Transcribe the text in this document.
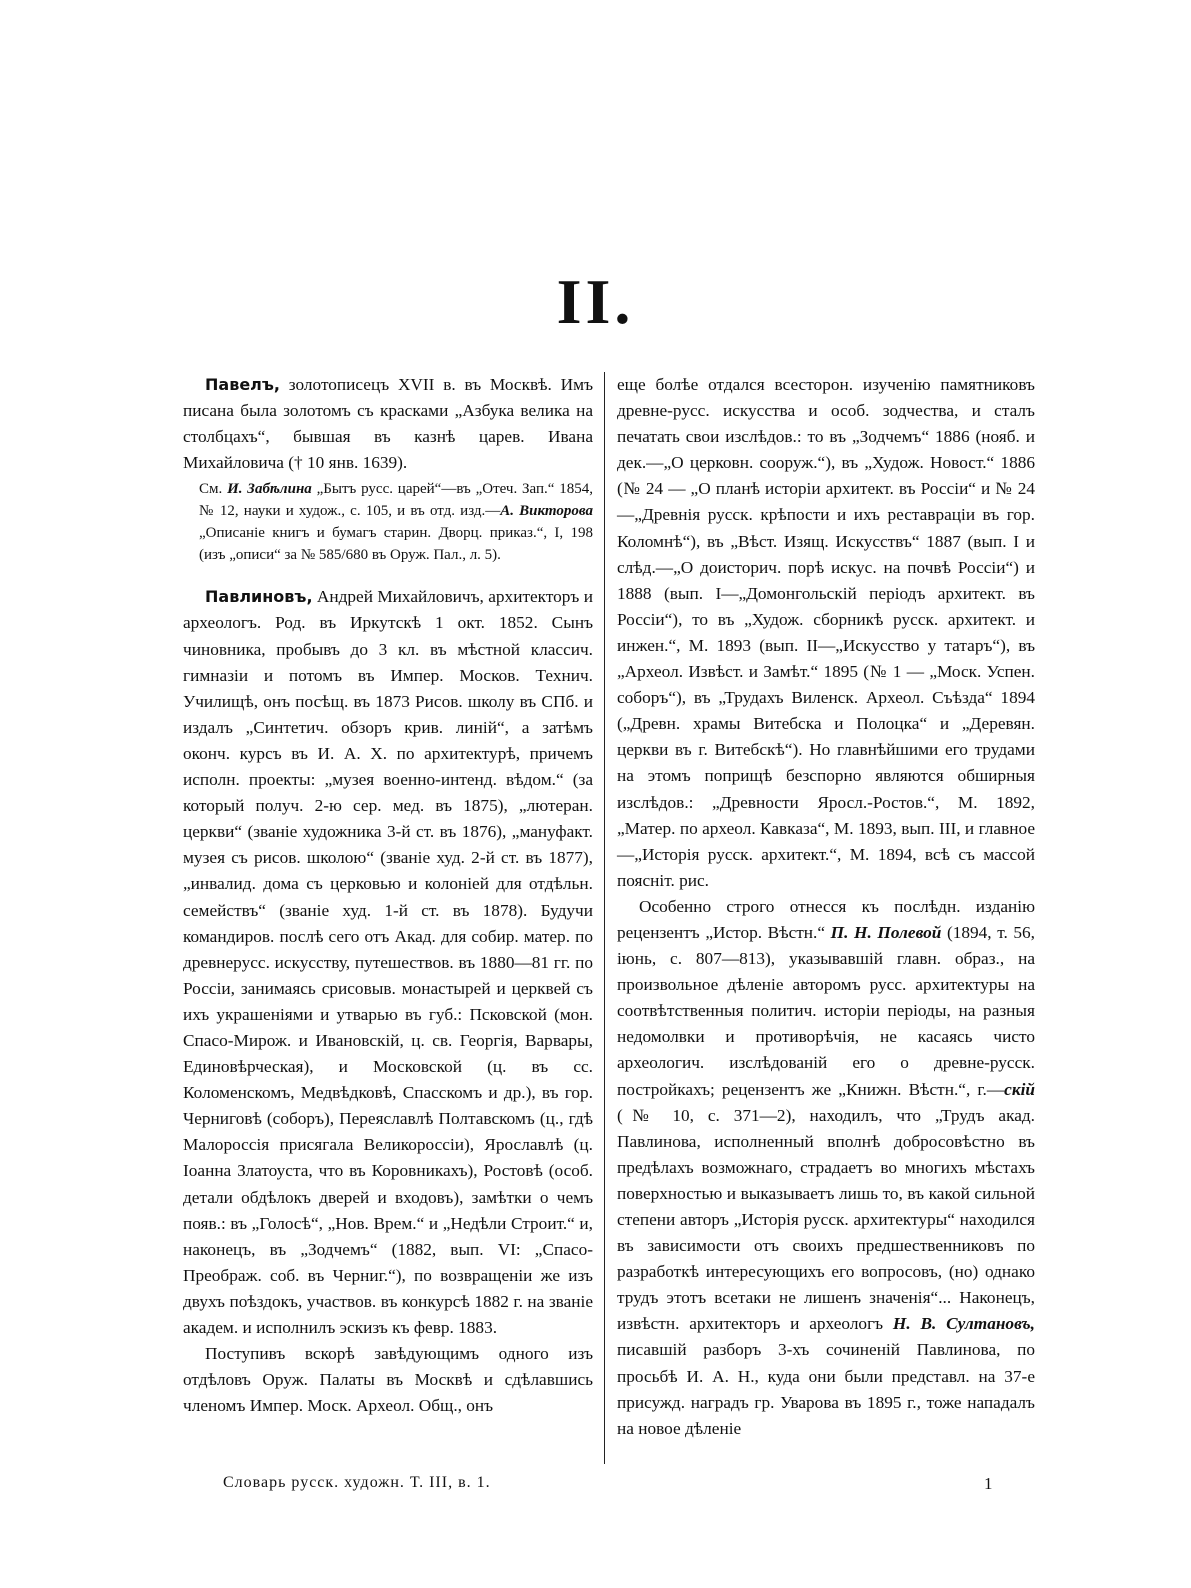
II.

Павелъ, золотописецъ XVII в. въ Москвѣ. Имъ писана была золотомъ съ красками „Азбука велика на столбцахъ“, бывшая въ казнѣ царев. Ивана Михайловича († 10 янв. 1639).

См. И. Забѣлина „Бытъ русс. царей“—въ „Отеч. Зап.“ 1854, № 12, науки и худож., с. 105, и въ отд. изд.—А. Викторова „Описаніе книгъ и бумагъ старин. Дворц. приказ.“, I, 198 (изъ „описи“ за № 585/680 въ Оруж. Пал., л. 5).

Павлиновъ, Андрей Михайловичъ, архитекторъ и археологъ. Род. въ Иркутскѣ 1 окт. 1852. Сынъ чиновника, пробывъ до 3 кл. въ мѣстной классич. гимназіи и потомъ въ Импер. Москов. Технич. Училищѣ, онъ посѣщ. въ 1873 Рисов. школу въ СПб. и издалъ „Синтетич. обзоръ крив. линій“, а затѣмъ оконч. курсъ въ И. А. Х. по архитектурѣ, причемъ исполн. проекты: „музея военно-интенд. вѣдом.“ (за который получ. 2-ю сер. мед. въ 1875), „лютеран. церкви“ (званіе художника 3-й ст. въ 1876), „мануфакт. музея съ рисов. школою“ (званіе худ. 2-й ст. въ 1877), „инвалид. дома съ церковью и колоніей для отдѣльн. семействъ“ (званіе худ. 1-й ст. въ 1878). Будучи командиров. послѣ сего отъ Акад. для собир. матер. по древнерусс. искусству, путешествов. въ 1880—81 гг. по Россіи, занимаясь срисовыв. монастырей и церквей съ ихъ украшеніями и утварью въ губ.: Псковской (мон. Спасо-Мирож. и Ивановскій, ц. св. Георгія, Варвары, Единовѣрческая), и Московской (ц. въ сс. Коломенскомъ, Медвѣдковѣ, Спасскомъ и др.), въ гор. Черниговѣ (соборъ), Переяславлѣ Полтавскомъ (ц., гдѣ Малороссія присягала Великороссіи), Ярославлѣ (ц. Іоанна Златоуста, что въ Коровникахъ), Ростовѣ (особ. детали обдѣлокъ дверей и входовъ), замѣтки о чемъ появ.: въ „Голосѣ“, „Нов. Врем.“ и „Недѣли Строит.“ и, наконецъ, въ „Зодчемъ“ (1882, вып. VI: „Спасо-Преображ. соб. въ Черниг.“), по возвращеніи же изъ двухъ поѣздокъ, участвов. въ конкурсѣ 1882 г. на званіе академ. и исполнилъ эскизъ къ февр. 1883.

Поступивъ вскорѣ завѣдующимъ одного изъ отдѣловъ Оруж. Палаты въ Москвѣ и сдѣлавшись членомъ Импер. Моск. Археол. Общ., онъ

еще болѣе отдался всесторон. изученію памятниковъ древне-русс. искусства и особ. зодчества, и сталъ печатать свои изслѣдов.: то въ „Зодчемъ“ 1886 (нояб. и дек.—„О церковн. сооруж.“), въ „Худож. Новост.“ 1886 (№ 24 — „О планѣ исторіи архитект. въ Россіи“ и № 24—„Древнія русск. крѣпости и ихъ реставраціи въ гор. Коломнѣ“), въ „Вѣст. Изящ. Искусствъ“ 1887 (вып. I и слѣд.—„О доисторич. порѣ искус. на почвѣ Россіи“) и 1888 (вып. I—„Домонгольскій періодъ архитект. въ Россіи“), то въ „Худож. сборникѣ русск. архитект. и инжен.“, М. 1893 (вып. II—„Искусство у татаръ“), въ „Археол. Извѣст. и Замѣт.“ 1895 (№ 1 — „Моск. Успен. соборъ“), въ „Трудахъ Виленск. Археол. Съѣзда“ 1894 („Древн. храмы Витебска и Полоцка“ и „Деревян. церкви въ г. Витебскѣ“). Но главнѣйшими его трудами на этомъ поприщѣ безспорно являются обширныя изслѣдов.: „Древности Яросл.-Ростов.“, М. 1892, „Матер. по археол. Кавказа“, М. 1893, вып. III, и главное—„Исторія русск. архитект.“, М. 1894, всѣ съ массой поясніт. рис.

Особенно строго отнесся къ послѣдн. изданію рецензентъ „Истор. Вѣстн.“ П. Н. Полевой (1894, т. 56, іюнь, с. 807—813), указывавшій главн. образ., на произвольное дѣленіе авторомъ русс. архитектуры на соотвѣтственныя политич. исторіи періоды, на разныя недомолвки и противорѣчія, не касаясь чисто археологич. изслѣдованій его о древне-русск. постройкахъ; рецензентъ же „Книжн. Вѣстн.“, г.—скій (№ 10, с. 371—2), находилъ, что „Трудъ акад. Павлинова, исполненный вполнѣ добросовѣстно въ предѣлахъ возможнаго, страдаетъ во многихъ мѣстахъ поверхностью и выказываетъ лишь то, въ какой сильной степени авторъ „Исторія русск. архитектуры“ находился въ зависимости отъ своихъ предшественниковъ по разработкѣ интересующихъ его вопросовъ, (но) однако трудъ этотъ всетаки не лишенъ значенія“... Наконецъ, извѣстн. архитекторъ и археологъ Н. В. Султановъ, писавшій разборъ 3-хъ сочиненій Павлинова, по просьбѣ И. А. Н., куда они были представл. на 37-е присужд. наградъ гр. Уварова въ 1895 г., тоже нападалъ на новое дѣленіе

Словарь русск. художн. Т. III, в. 1.	1
